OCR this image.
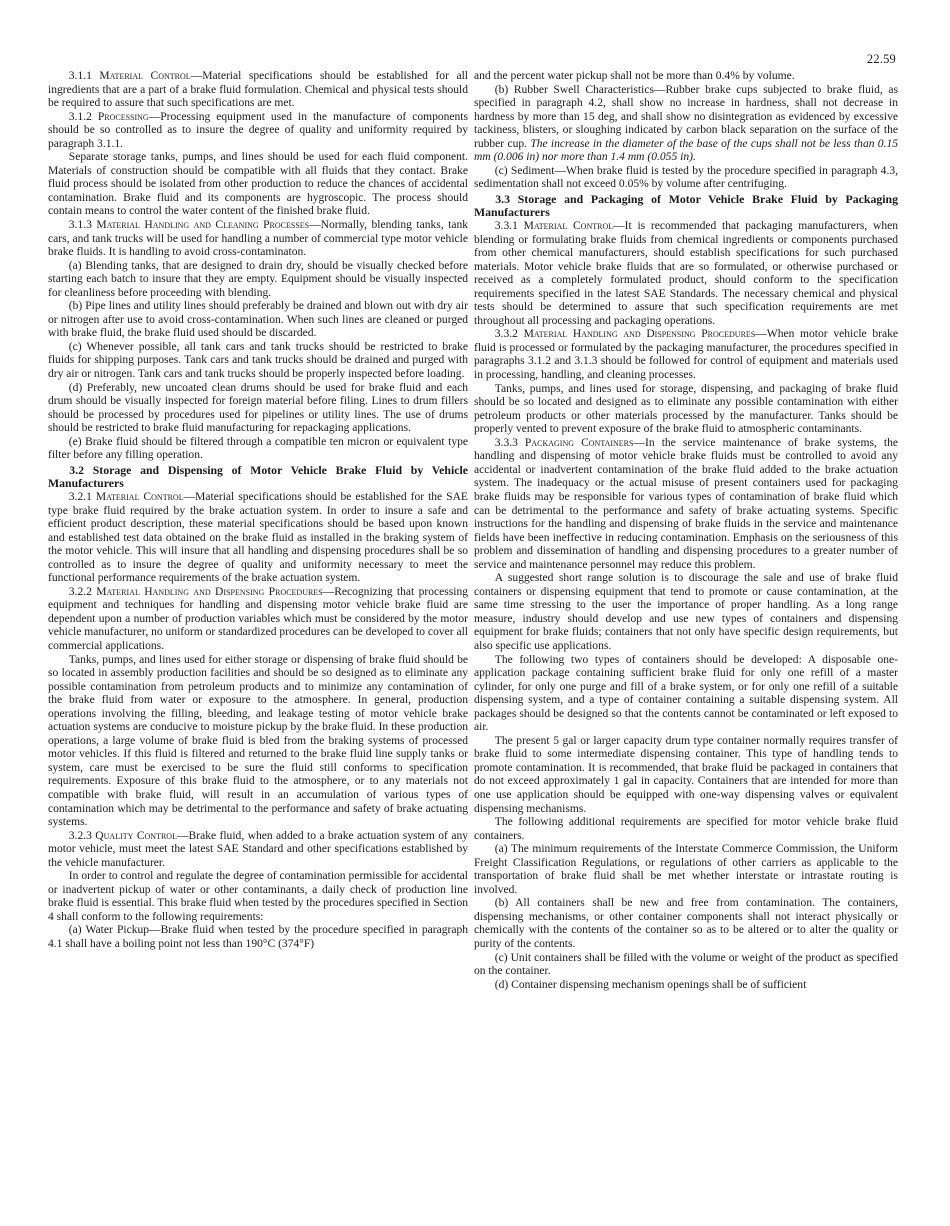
22.59

3.1.1 Material Control—Material specifications should be established for all ingredients that are a part of a brake fluid formulation. Chemical and physical tests should be required to assure that such specifications are met.

3.1.2 Processing—Processing equipment used in the manufacture of components should be so controlled as to insure the degree of quality and uniformity required by paragraph 3.1.1.

Separate storage tanks, pumps, and lines should be used for each fluid component. Materials of construction should be compatible with all fluids that they contact. Brake fluid process should be isolated from other production to reduce the chances of accidental contamination. Brake fluid and its components are hygroscopic. The process should contain means to control the water content of the finished brake fluid.

3.1.3 Material Handling and Cleaning Processes—Normally, blending tanks, tank cars, and tank trucks will be used for handling a number of commercial type motor vehicle brake fluids. It is handling to avoid cross-contaminaton.

(a) Blending tanks, that are designed to drain dry, should be visually checked before starting each batch to insure that they are empty. Equipment should be visually inspected for cleanliness before proceeding with blending.

(b) Pipe lines and utility lines should preferably be drained and blown out with dry air or nitrogen after use to avoid cross-contamination. When such lines are cleaned or purged with brake fluid, the brake fluid used should be discarded.

(c) Whenever possible, all tank cars and tank trucks should be restricted to brake fluids for shipping purposes. Tank cars and tank trucks should be drained and purged with dry air or nitrogen. Tank cars and tank trucks should be properly inspected before loading.

(d) Preferably, new uncoated clean drums should be used for brake fluid and each drum should be visually inspected for foreign material before filing. Lines to drum fillers should be processed by procedures used for pipelines or utility lines. The use of drums should be restricted to brake fluid manufacturing for repackaging applications.

(e) Brake fluid should be filtered through a compatible ten micron or equivalent type filter before any filling operation.

3.2 Storage and Dispensing of Motor Vehicle Brake Fluid by Vehicle Manufacturers

3.2.1 Material Control—Material specifications should be established for the SAE type brake fluid required by the brake actuation system. In order to insure a safe and efficient product description, these material specifications should be based upon known and established test data obtained on the brake fluid as installed in the braking system of the motor vehicle. This will insure that all handling and dispensing procedures shall be so controlled as to insure the degree of quality and uniformity necessary to meet the functional performance requirements of the brake actuation system.

3.2.2 Material Handling and Dispensing Procedures—Recognizing that processing equipment and techniques for handling and dispensing motor vehicle brake fluid are dependent upon a number of production variables which must be considered by the motor vehicle manufacturer, no uniform or standardized procedures can be developed to cover all commercial applications.

Tanks, pumps, and lines used for either storage or dispensing of brake fluid should be so located in assembly production facilities and should be so designed as to eliminate any possible contamination from petroleum products and to minimize any contamination of the brake fluid from water or exposure to the atmosphere. In general, production operations involving the filling, bleeding, and leakage testing of motor vehicle brake actuation systems are conducive to moisture pickup by the brake fluid. In these production operations, a large volume of brake fluid is bled from the braking systems of processed motor vehicles. If this fluid is filtered and returned to the brake fluid line supply tanks or system, care must be exercised to be sure the fluid still conforms to specification requirements. Exposure of this brake fluid to the atmosphere, or to any materials not compatible with brake fluid, will result in an accumulation of various types of contamination which may be detrimental to the performance and safety of brake actuating systems.

3.2.3 Quality Control—Brake fluid, when added to a brake actuation system of any motor vehicle, must meet the latest SAE Standard and other specifications established by the vehicle manufacturer.

In order to control and regulate the degree of contamination permissible for accidental or inadvertent pickup of water or other contaminants, a daily check of production line brake fluid is essential. This brake fluid when tested by the procedures specified in Section 4 shall conform to the following requirements:

(a) Water Pickup—Brake fluid when tested by the procedure specified in paragraph 4.1 shall have a boiling point not less than 190°C (374°F)

and the percent water pickup shall not be more than 0.4% by volume.

(b) Rubber Swell Characteristics—Rubber brake cups subjected to brake fluid, as specified in paragraph 4.2, shall show no increase in hardness, shall not decrease in hardness by more than 15 deg, and shall show no disintegration as evidenced by excessive tackiness, blisters, or sloughing indicated by carbon black separation on the surface of the rubber cup. The increase in the diameter of the base of the cups shall not be less than 0.15 mm (0.006 in) nor more than 1.4 mm (0.055 in).

(c) Sediment—When brake fluid is tested by the procedure specified in paragraph 4.3, sedimentation shall not exceed 0.05% by volume after centrifuging.

3.3 Storage and Packaging of Motor Vehicle Brake Fluid by Packaging Manufacturers

3.3.1 Material Control—It is recommended that packaging manufacturers, when blending or formulating brake fluids from chemical ingredients or components purchased from other chemical manufacturers, should establish specifications for such purchased materials. Motor vehicle brake fluids that are so formulated, or otherwise purchased or received as a completely formulated product, should conform to the specification requirements specified in the latest SAE Standards. The necessary chemical and physical tests should be determined to assure that such specification requirements are met throughout all processing and packaging operations.

3.3.2 Material Handling and Dispensing Procedures—When motor vehicle brake fluid is processed or formulated by the packaging manufacturer, the procedures specified in paragraphs 3.1.2 and 3.1.3 should be followed for control of equipment and materials used in processing, handling, and cleaning processes.

Tanks, pumps, and lines used for storage, dispensing, and packaging of brake fluid should be so located and designed as to eliminate any possible contamination with either petroleum products or other materials processed by the manufacturer. Tanks should be properly vented to prevent exposure of the brake fluid to atmospheric contaminants.

3.3.3 Packaging Containers—In the service maintenance of brake systems, the handling and dispensing of motor vehicle brake fluids must be controlled to avoid any accidental or inadvertent contamination of the brake fluid added to the brake actuation system. The inadequacy or the actual misuse of present containers used for packaging brake fluids may be responsible for various types of contamination of brake fluid which can be detrimental to the performance and safety of brake actuating systems. Specific instructions for the handling and dispensing of brake fluids in the service and maintenance fields have been ineffective in reducing contamination. Emphasis on the seriousness of this problem and dissemination of handling and dispensing procedures to a greater number of service and maintenance personnel may reduce this problem.

A suggested short range solution is to discourage the sale and use of brake fluid containers or dispensing equipment that tend to promote or cause contamination, at the same time stressing to the user the importance of proper handling. As a long range measure, industry should develop and use new types of containers and dispensing equipment for brake fluids; containers that not only have specific design requirements, but also specific use applications.

The following two types of containers should be developed: A disposable one-application package containing sufficient brake fluid for only one refill of a master cylinder, for only one purge and fill of a brake system, or for only one refill of a suitable dispensing system, and a type of container containing a suitable dispensing system. All packages should be designed so that the contents cannot be contaminated or left exposed to air.

The present 5 gal or larger capacity drum type container normally requires transfer of brake fluid to some intermediate dispensing container. This type of handling tends to promote contamination. It is recommended, that brake fluid be packaged in containers that do not exceed approximately 1 gal in capacity. Containers that are intended for more than one use application should be equipped with one-way dispensing valves or equivalent dispensing mechanisms.

The following additional requirements are specified for motor vehicle brake fluid containers.

(a) The minimum requirements of the Interstate Commerce Commission, the Uniform Freight Classification Regulations, or regulations of other carriers as applicable to the transportation of brake fluid shall be met whether interstate or intrastate routing is involved.

(b) All containers shall be new and free from contamination. The containers, dispensing mechanisms, or other container components shall not interact physically or chemically with the contents of the container so as to be altered or to alter the quality or purity of the contents.

(c) Unit containers shall be filled with the volume or weight of the product as specified on the container.

(d) Container dispensing mechanism openings shall be of sufficient
